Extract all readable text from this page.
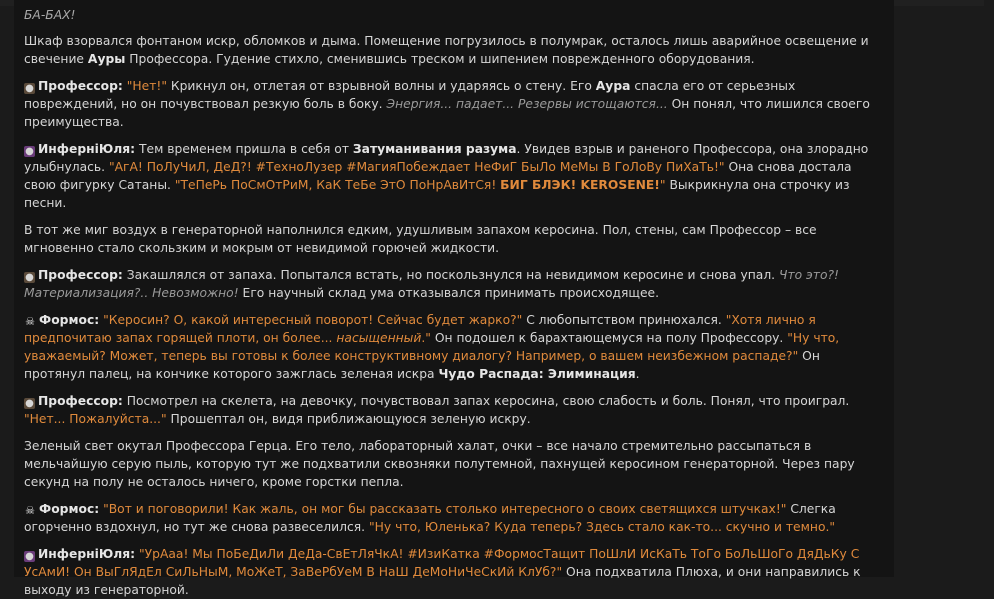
БА-БАХ!

Шкаф взорвался фонтаном искр, обломков и дыма. Помещение погрузилось в полумрак, осталось лишь аварийное освещение и свечение Ауры Профессора. Гудение стихло, сменившись треском и шипением поврежденного оборудования.

● Профессор: "Нет!" Крикнул он, отлетая от взрывной волны и ударяясь о стену. Его Аура спасла его от серьезных повреждений, но он почувствовал резкую боль в боку. Энергия... падает... Резервы истощаются... Он понял, что лишился своего преимущества.

● ИнферніЮля: Тем временем пришла в себя от Затуманивания разума. Увидев взрыв и раненого Профессора, она злорадно улыбнулась. "АгА! ПоЛуЧиЛ, ДеД?! #ТехноЛузер #МагияПобеждает НеФиГ БыЛо МеМы В ГоЛоВу ПиХаТь!" Она снова достала свою фигурку Сатаны. "ТеПеРь ПоСмОтРиМ, КаК ТеБе ЭтО ПоНрАвИтСя! БИГ БЛЭК! KEROSENE!" Выкрикнула она строчку из песни.

В тот же миг воздух в генераторной наполнился едким, удушливым запахом керосина. Пол, стены, сам Профессор – все мгновенно стало скользким и мокрым от невидимой горючей жидкости.

● Профессор: Закашлялся от запаха. Попытался встать, но поскользнулся на невидимом керосине и снова упал. Что это?! Материализация?.. Невозможно! Его научный склад ума отказывался принимать происходящее.

☠ Формос: "Керосин? О, какой интересный поворот! Сейчас будет жарко?" С любопытством принюхался. "Хотя лично я предпочитаю запах горящей плоти, он более... насыщенный." Он подошел к барахтающемуся на полу Профессору. "Ну что, уважаемый? Может, теперь вы готовы к более конструктивному диалогу? Например, о вашем неизбежном распаде?" Он протянул палец, на кончике которого зажглась зеленая искра Чудо Распада: Элиминация.

● Профессор: Посмотрел на скелета, на девочку, почувствовал запах керосина, свою слабость и боль. Понял, что проиграл. "Нет... Пожалуйста..." Прошептал он, видя приближающуюся зеленую искру.

Зеленый свет окутал Профессора Герца. Его тело, лабораторный халат, очки – все начало стремительно рассыпаться в мельчайшую серую пыль, которую тут же подхватили сквозняки полутемной, пахнущей керосином генераторной. Через пару секунд на полу не осталось ничего, кроме горстки пепла.

☠ Формос: "Вот и поговорили! Как жаль, он мог бы рассказать столько интересного о своих светящихся штучках!" Слегка огорченно вздохнул, но тут же снова развеселился. "Ну что, Юленька? Куда теперь? Здесь стало как-то... скучно и темно."

● ИнферніЮля: "УрАаа! Мы ПоБеДиЛи ДеДа-СвЕтЛяЧкА! #ИзиКатка #ФормосТащит ПоШлИ ИсКаТь ТоГо БоЛьШоГо ДяДьКу С УсАмИ! Он ВыГлЯдЕл СиЛьНыМ, МоЖеТ, ЗаВеРбУеМ В НаШ ДеМоНиЧеСкИй КлУб?" Она подхватила Плюха, и они направились к выходу из генераторной.
